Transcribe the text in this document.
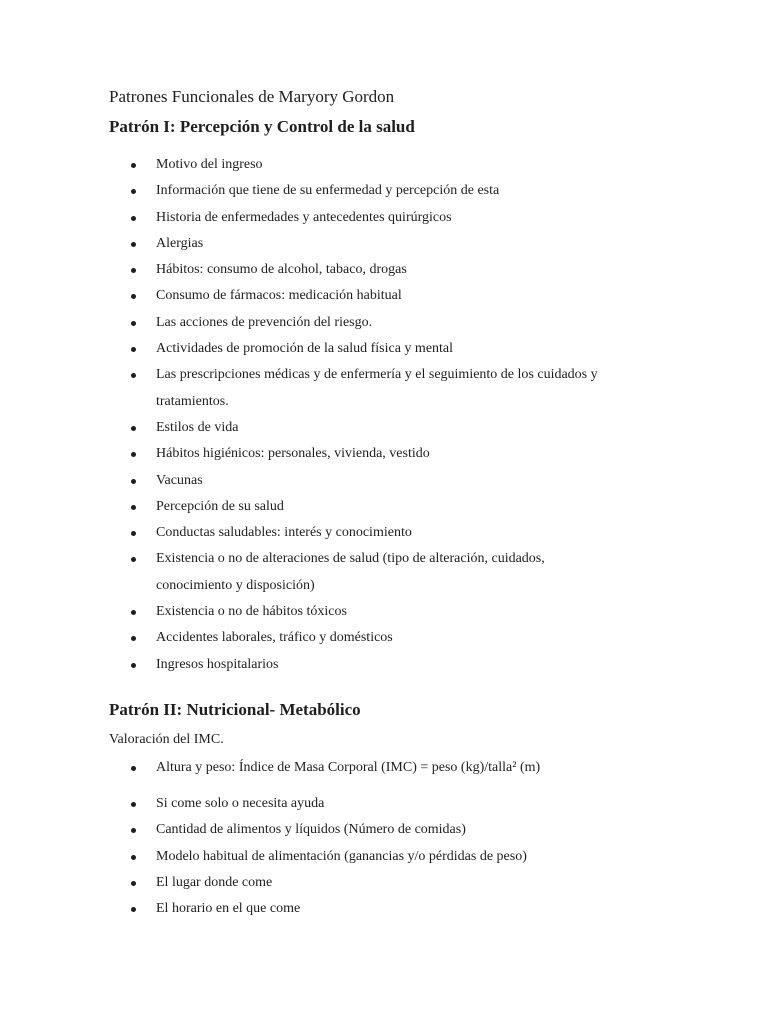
Patrones Funcionales de Maryory Gordon
Patrón I: Percepción y Control de la salud
Motivo del ingreso
Información que tiene de su enfermedad y percepción de esta
Historia de enfermedades y antecedentes quirúrgicos
Alergias
Hábitos: consumo de alcohol, tabaco, drogas
Consumo de fármacos: medicación habitual
Las acciones de prevención del riesgo.
Actividades de promoción de la salud física y mental
Las prescripciones médicas y de enfermería y el seguimiento de los cuidados y
tratamientos.
Estilos de vida
Hábitos higiénicos: personales, vivienda, vestido
Vacunas
Percepción de su salud
Conductas saludables: interés y conocimiento
Existencia o no de alteraciones de salud (tipo de alteración, cuidados,
conocimiento y disposición)
Existencia o no de hábitos tóxicos
Accidentes laborales, tráfico y domésticos
Ingresos hospitalarios
Patrón II: Nutricional- Metabólico

Valoración del IMC.

Altura y peso: Índice de Masa Corporal (IMC) = peso (kg)/talla² (m)
Si come solo o necesita ayuda
Cantidad de alimentos y líquidos (Número de comidas)
Modelo habitual de alimentación (ganancias y/o pérdidas de peso)
El lugar donde come
El horario en el que come
